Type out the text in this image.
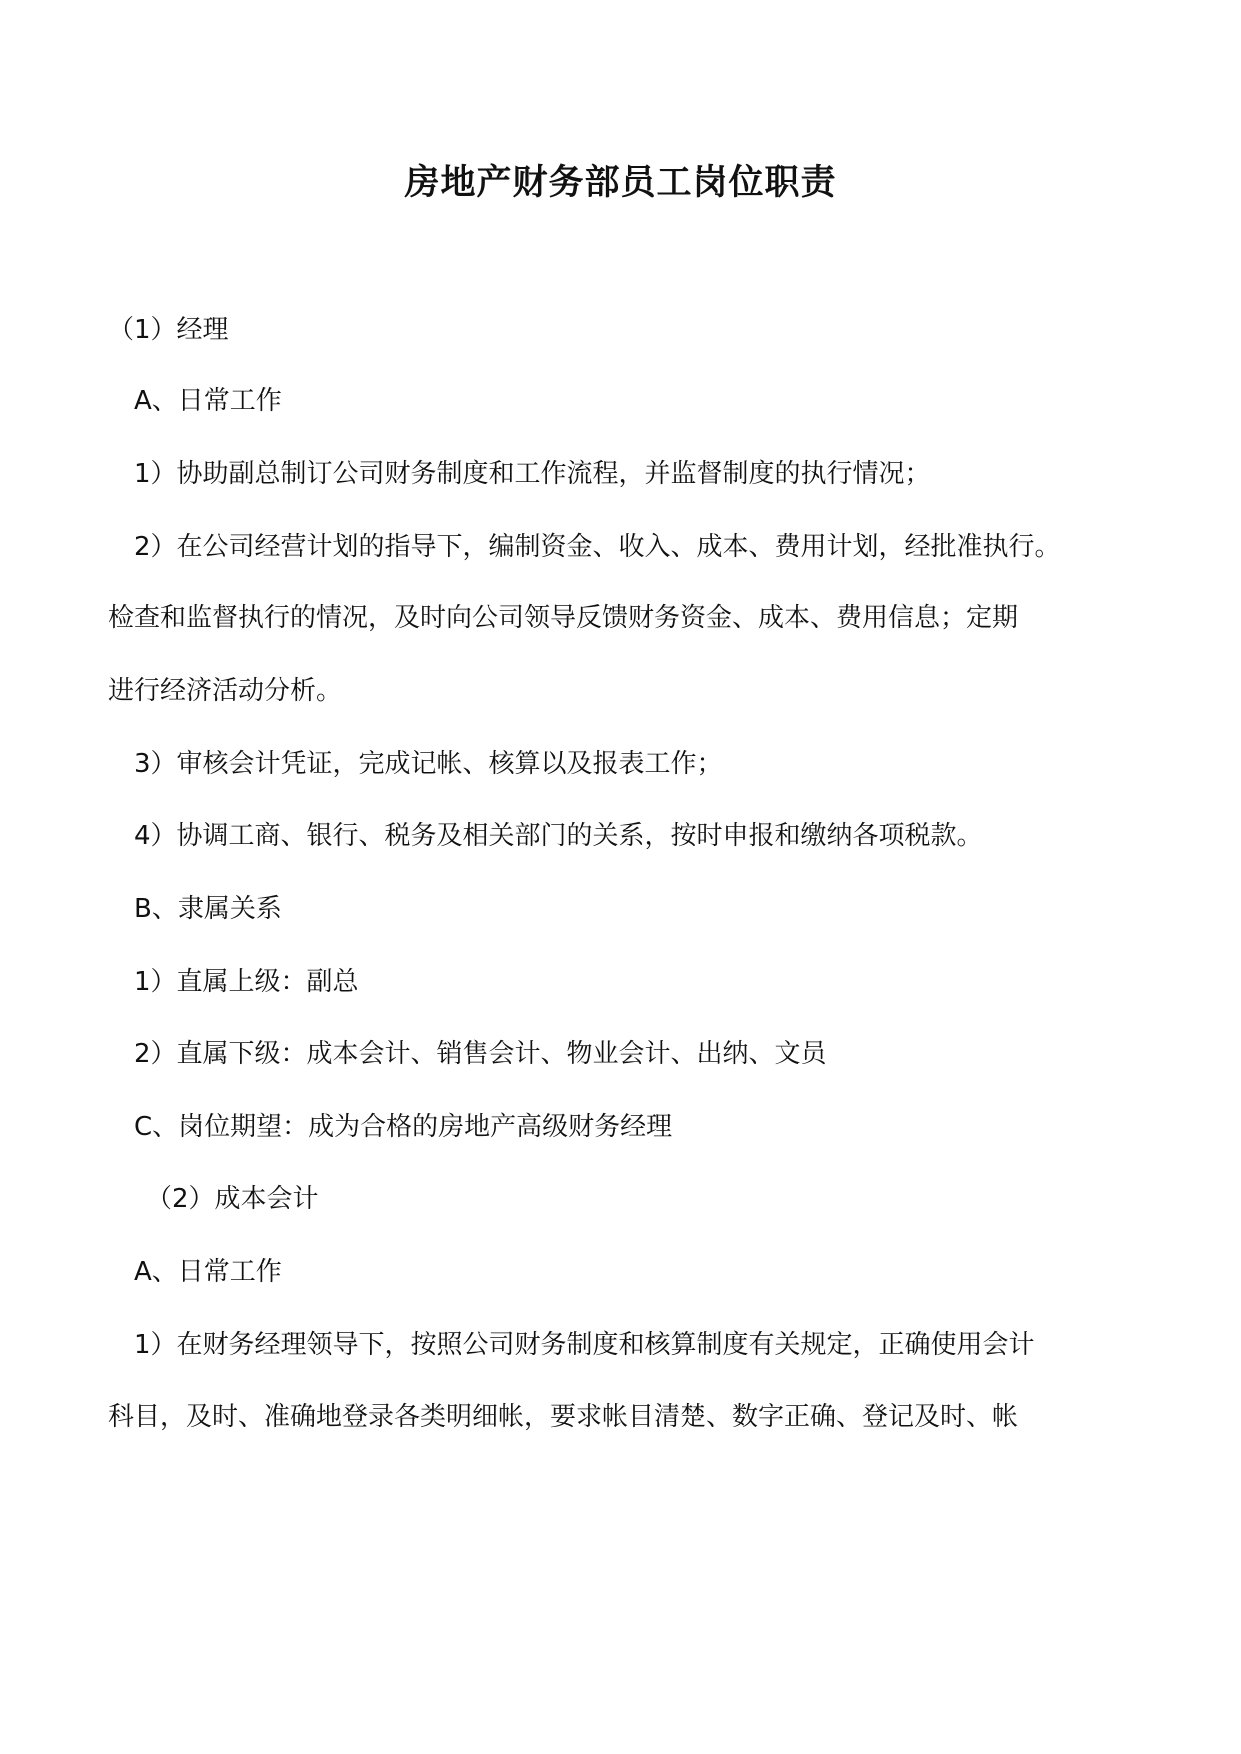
房地产财务部员工岗位职责

（1）经理

A、日常工作

1）协助副总制订公司财务制度和工作流程，并监督制度的执行情况；

2）在公司经营计划的指导下，编制资金、收入、成本、费用计划，经批准执行。

检查和监督执行的情况，及时向公司领导反馈财务资金、成本、费用信息；定期

进行经济活动分析。

3）审核会计凭证，完成记帐、核算以及报表工作；

4）协调工商、银行、税务及相关部门的关系，按时申报和缴纳各项税款。

B、隶属关系

1）直属上级：副总

2）直属下级：成本会计、销售会计、物业会计、出纳、文员

C、岗位期望：成为合格的房地产高级财务经理

（2）成本会计

A、日常工作

1）在财务经理领导下，按照公司财务制度和核算制度有关规定，正确使用会计

科目，及时、准确地登录各类明细帐，要求帐目清楚、数字正确、登记及时、帐
